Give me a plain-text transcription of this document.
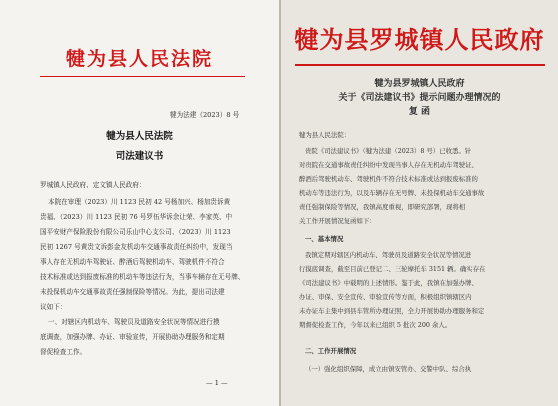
犍为县人民法院
犍为法建（2023）8 号
犍为县人民法院
司法建议书
罗城镇人民政府、定文镇人民政府：
本院在审理（2023）川 1123 民初 42 号杨加兴、杨加贵诉黄
贵福、（2023）川 1123 民初 76 号罗伍华诉余让荣、李家英、中
国平安财产保险股份有限公司乐山中心支公司、（2023）川 1123
民初 1267 号黄贵文诉彭金友机动车交通事故责任纠纷中，发现当
事人存在无机动车驾驶证、醉酒后驾驶机动车、驾驶机件不符合
技术标准或达到报废标准的机动车等违法行为，当事车辆存在无号牌、
未投保机动车交通事故责任强制保险等情况。为此，提出司法建
议如下：
一、对辖区内机动车、驾驶员及道路安全状况等情况进行摸
底调查，加强办牌、办证、审验宣传，开展协助办理服务和定期
督促检查工作。
— 1 —
犍为县罗城镇人民政府
犍为县罗城镇人民政府
关于《司法建议书》提示问题办理情况的
复 函
犍为县人民法院：
贵院《司法建议书》（犍为法建（2023）8 号）已收悉。针
对贵院在交通事故责任纠纷中发现当事人存在无机动车驾驶证、
醉酒后驾驶机动车、驾驶机件不符合技术标准或达到报废标准的
机动车等违法行为，以及车辆存在无号牌、未投保机动车交通事故
责任强制保险等情况，我镇高度重视，即研究部署，现将相
关工作开展情况复函如下：
一、基本情况
我镇定期对辖区内机动车、驾驶员及道路安全状况等情况进
行摸底调查，截至目前已登记二、三轮摩托车 3151 辆。确实存在
《司法建议书》中载明的上述情形。鉴于此，我镇在加强办牌、
办证、审保、安全宣传、审验宣传等方面，积极组织镇辖区内
未办证车主集中到县车管所办理证照，全力开展协助办理服务和定
期督促检查工作，今年以来已组织 5 批次 200 余人。
二、工作开展情况
（一）强化组织保障，成立由镇安管办、交警中队、综合执
